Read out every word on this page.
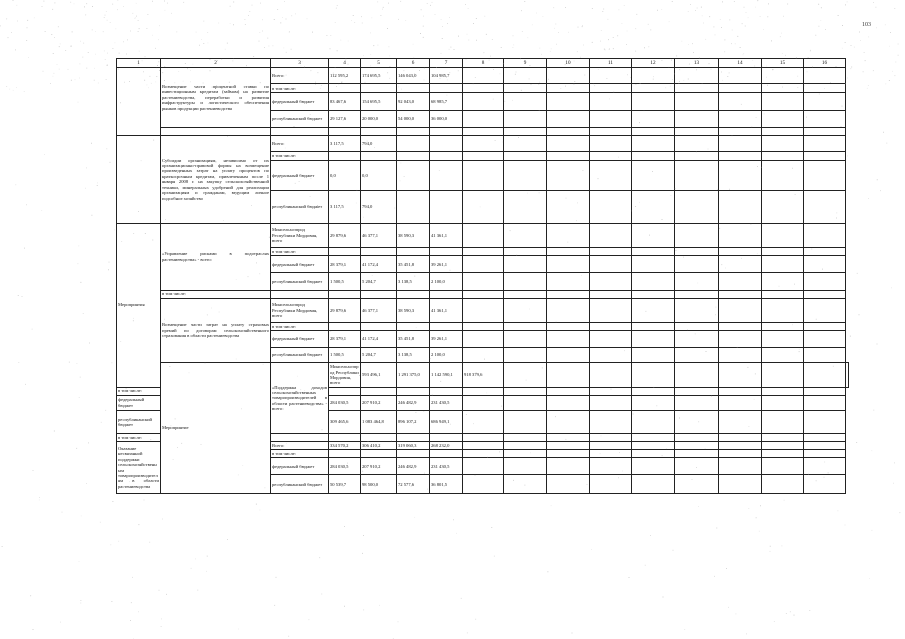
103
1	2	3	4	5	6	7	8	9	10	11	12	13	14	15	16	
	Возмещение части процентной ставки по инвестиционным кредитам (займам) на развитие растениеводства, переработки и развития инфраструктуры и логистического обеспечения рынков продукции растениеводства	Всего:	112 595,2	174 695,5	146 043,0	104 985,7										
		в том числе:														
		федеральный бюджет	83 467,6	154 695,5	92 043,0	68 985,7										
		республиканский бюджет	29 127,6	20 000,0	54 000,0	36 000,0										

	Субсидии организациям, независимо от их организационно-правовой формы на возмещение произведенных затрат на уплату процентов по краткосрочным кредитам, привлеченным после 1 января 2008 г. на закупку сельскохозяйственной техники, минеральных удобрений для реализации организациям и гражданам, ведущим личное подсобное хозяйство	Всего:	3 117,5	794,0												
		в том числе:														
		федеральный бюджет	0,0	0,0												
		республиканский бюджет	3 117,5	794,0												
Мероприятия	«Управление рисками в подотраслях растениеводства» - всего:	Минсельхозпрод Республики Мордовия, всего	29 879,6	46 377,1	38 590,3	41 361,1										
		в том числе:														
		федеральный бюджет	28 379,1	41 172,4	35 451,8	39 261,1										
		республиканский бюджет	1 500,5	5 204,7	3 138,5	2 100,0										
	в том числе:															
	Возмещение части затрат на уплату страховых премий по договорам сельскохозяйственного страхования в области растениеводства	Минсельхозпрод Республики Мордовия, всего	29 879,6	46 377,1	38 590,3	41 361,1										
		в том числе:														
		федеральный бюджет	28 379,1	41 172,4	35 451,8	39 261,1										
		республиканский бюджет	1 500,5	5 204,7	3 138,5	2 100,0										
	Мероприятие	«Поддержка доходов сельскохозяйственных товаропроизводителей в области растениеводства» - всего:	Минсельхозпрод Республики Мордовия, всего	593 496,1	1 291 375,0	1 142 590,1	918 379,6									
в том числе:																
федеральный бюджет			284 030,5	207 910,2	246 482,9	231 430,5										
республиканский бюджет			309 465,6	1 083 464,8	896 107,2	686 949,1										
в том числе:																
Оказание несвязанной поддержки сельскохозяйственным товаропроизводителям в области растениеводства		Всего:	334 570,2	306 410,2	319 060,3	268 232,0										
		в том числе:														
		федеральный бюджет	284 030,5	207 910,2	246 482,9	231 430,5										
		республиканский бюджет	50 539,7	98 500,0	72 577,6	36 801,5										
